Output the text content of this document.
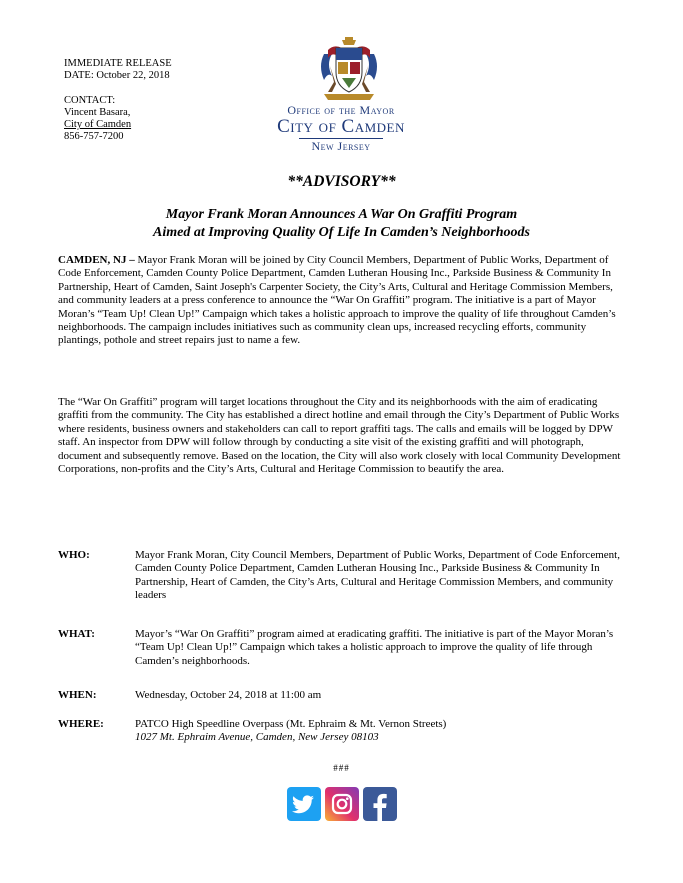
IMMEDIATE RELEASE
DATE: October 22, 2018
CONTACT:
Vincent Basara,
City of Camden
856-757-7200
Office of the Mayor
City of Camden
New Jersey
**ADVISORY**
Mayor Frank Moran Announces A War On Graffiti Program
Aimed at Improving Quality Of Life In Camden’s Neighborhoods
CAMDEN, NJ – Mayor Frank Moran will be joined by City Council Members, Department of Public Works, Department of Code Enforcement, Camden County Police Department, Camden Lutheran Housing Inc., Parkside Business & Community In Partnership, Heart of Camden, Saint Joseph's Carpenter Society, the City’s Arts, Cultural and Heritage Commission Members, and community leaders at a press conference to announce the “War On Graffiti” program. The initiative is a part of Mayor Moran’s “Team Up! Clean Up!” Campaign which takes a holistic approach to improve the quality of life throughout Camden’s neighborhoods. The campaign includes initiatives such as community clean ups, increased recycling efforts, community plantings, pothole and street repairs just to name a few.
The “War On Graffiti” program will target locations throughout the City and its neighborhoods with the aim of eradicating graffiti from the community. The City has established a direct hotline and email through the City’s Department of Public Works where residents, business owners and stakeholders can call to report graffiti tags. The calls and emails will be logged by DPW staff. An inspector from DPW will follow through by conducting a site visit of the existing graffiti and will photograph, document and subsequently remove. Based on the location, the City will also work closely with local Community Development Corporations, non-profits and the City’s Arts, Cultural and Heritage Commission to beautify the area.
WHO:	Mayor Frank Moran, City Council Members, Department of Public Works, Department of Code Enforcement, Camden County Police Department, Camden Lutheran Housing Inc., Parkside Business & Community In Partnership, Heart of Camden, the City’s Arts, Cultural and Heritage Commission Members, and community leaders
WHAT:	Mayor’s “War On Graffiti” program aimed at eradicating graffiti. The initiative is part of the Mayor Moran’s “Team Up! Clean Up!” Campaign which takes a holistic approach to improve the quality of life through Camden’s neighborhoods.
WHEN:	Wednesday, October 24, 2018 at 11:00 am
WHERE:	PATCO High Speedline Overpass (Mt. Ephraim & Mt. Vernon Streets)
1027 Mt. Ephraim Avenue, Camden, New Jersey 08103
###
